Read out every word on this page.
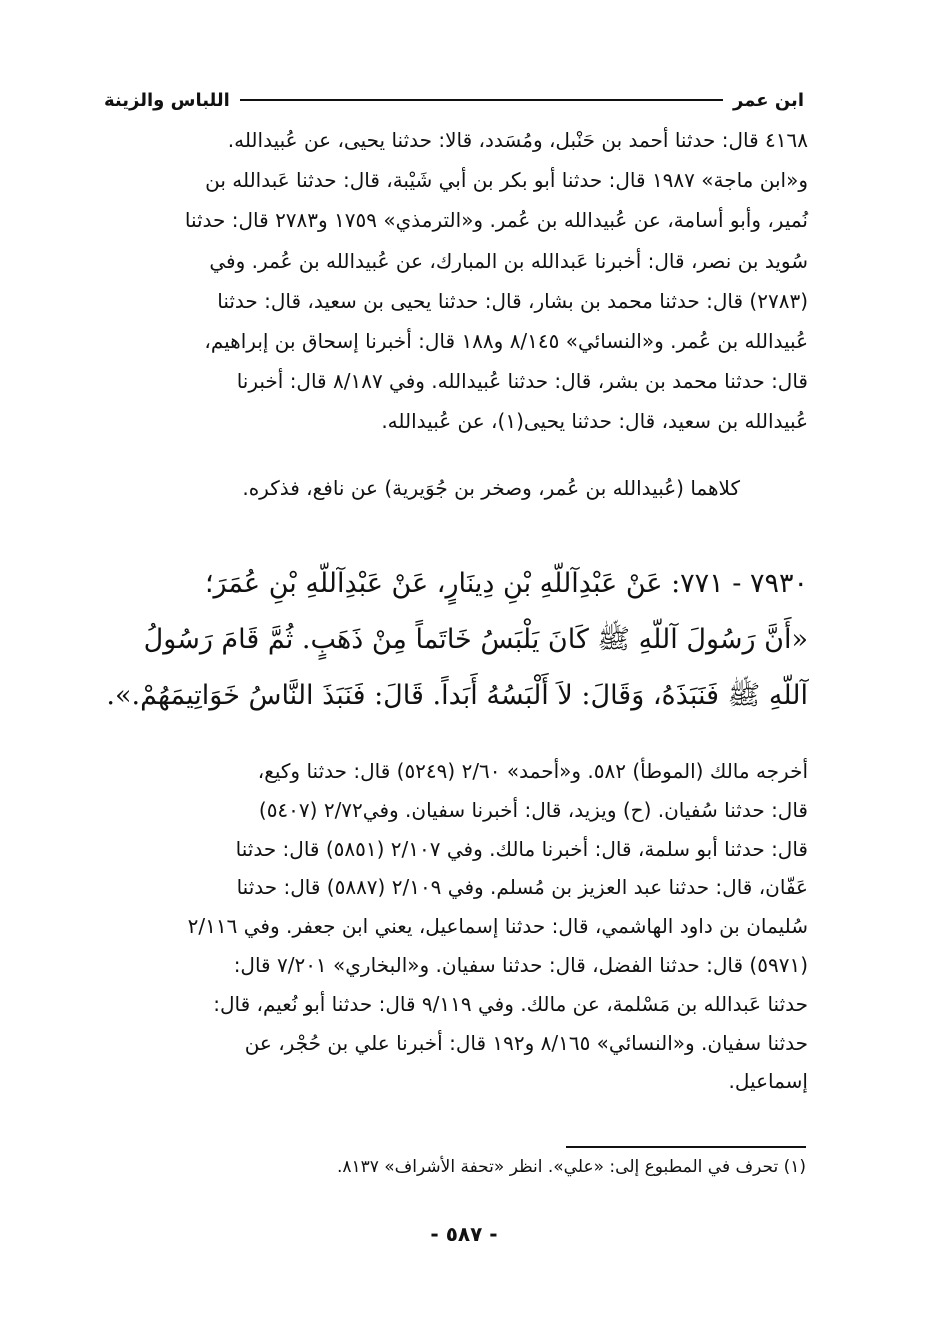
اللباس والزينة	ابن عمر

٤١٦٨ قال: حدثنا أحمد بن حَنْبل، ومُسَدد، قالا: حدثنا يحيى، عن عُبيدالله.

و«ابن ماجة» ١٩٨٧ قال: حدثنا أبو بكر بن أبي شَيْبة، قال: حدثنا عَبدالله بن

نُمير، وأبو أسامة، عن عُبيدالله بن عُمر. و«الترمذي» ١٧٥٩ و٢٧٨٣ قال: حدثنا

سُويد بن نصر، قال: أخبرنا عَبدالله بن المبارك، عن عُبيدالله بن عُمر. وفي

(٢٧٨٣) قال: حدثنا محمد بن بشار، قال: حدثنا يحيى بن سعيد، قال: حدثنا

عُبيدالله بن عُمر. و«النسائي» ٨/١٤٥ و١٨٨ قال: أخبرنا إسحاق بن إبراهيم،

قال: حدثنا محمد بن بشر، قال: حدثنا عُبيدالله. وفي ٨/١٨٧ قال: أخبرنا

عُبيدالله بن سعيد، قال: حدثنا يحيى(١)، عن عُبيدالله.

كلاهما (عُبيدالله بن عُمر، وصخر بن جُوَيرية) عن نافع، فذكره.

٧٩٣٠ - ٧٧١: عَنْ عَبْدِآللّهِ بْنِ دِينَارٍ، عَنْ عَبْدِآللّهِ بْنِ عُمَرَ؛

«أَنَّ رَسُولَ آللّهِ ﷺ كَانَ يَلْبَسُ خَاتَماً مِنْ ذَهَبٍ. ثُمَّ قَامَ رَسُولُ

آللّهِ ﷺ فَنَبَذَهُ، وَقَالَ: لاَ أَلْبَسُهُ أَبَداً. قَالَ: فَنَبَذَ النَّاسُ خَوَاتِيمَهُمْ.».

أخرجه مالك (الموطأ) ٥٨٢. و«أحمد» ٢/٦٠ (٥٢٤٩) قال: حدثنا وكيع،

قال: حدثنا سُفيان. (ح) ويزيد، قال: أخبرنا سفيان. وفي٢/٧٢ (٥٤٠٧)

قال: حدثنا أبو سلمة، قال: أخبرنا مالك. وفي ٢/١٠٧ (٥٨٥١) قال: حدثنا

عَفّان، قال: حدثنا عبد العزيز بن مُسلم. وفي ٢/١٠٩ (٥٨٨٧) قال: حدثنا

سُليمان بن داود الهاشمي، قال: حدثنا إسماعيل، يعني ابن جعفر. وفي ٢/١١٦

(٥٩٧١) قال: حدثنا الفضل، قال: حدثنا سفيان. و«البخاري» ٧/٢٠١ قال:

حدثنا عَبدالله بن مَسْلمة، عن مالك. وفي ٩/١١٩ قال: حدثنا أبو نُعيم، قال:

حدثنا سفيان. و«النسائي» ٨/١٦٥ و١٩٢ قال: أخبرنا علي بن حُجْر، عن

إسماعيل.

(١) تحرف في المطبوع إلى: «علي». انظر «تحفة الأشراف» ٨١٣٧.
- ٥٨٧ -
